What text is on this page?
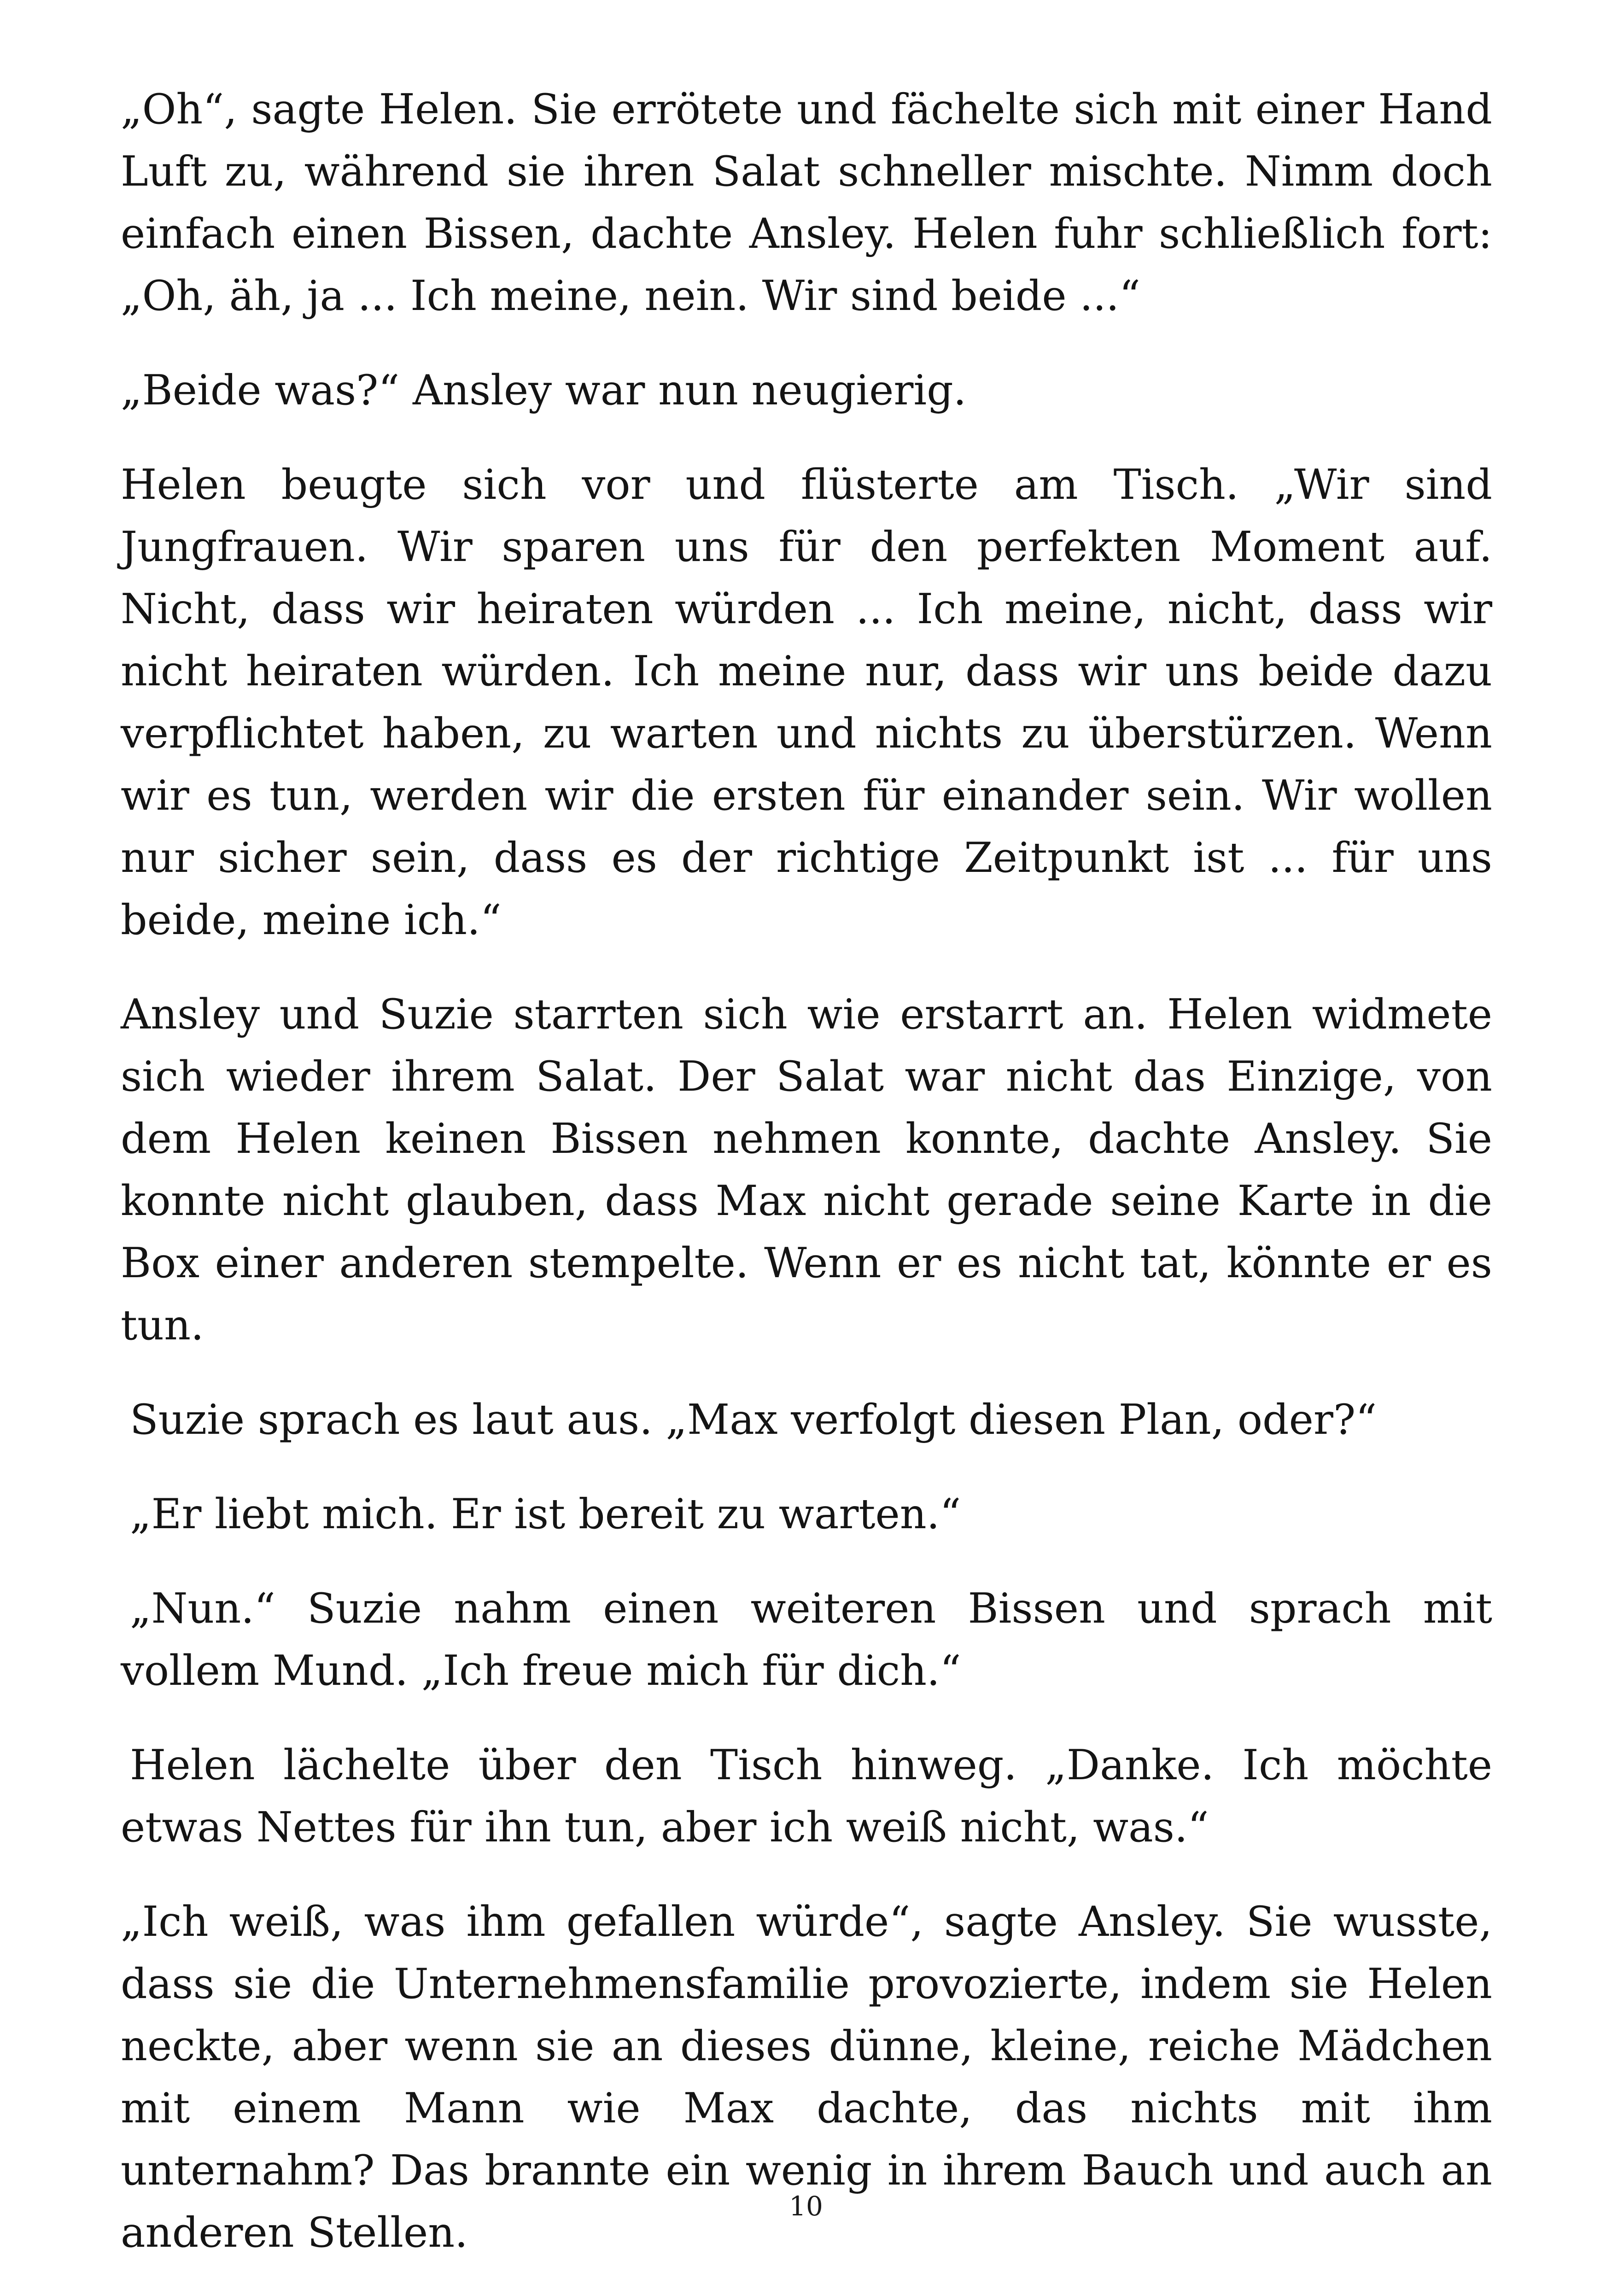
„Oh“, sagte Helen. Sie errötete und fächelte sich mit einer Hand Luft zu, während sie ihren Salat schneller mischte. Nimm doch einfach einen Bissen, dachte Ansley. Helen fuhr schließlich fort: „Oh, äh, ja ... Ich meine, nein. Wir sind beide ...“

„Beide was?“ Ansley war nun neugierig.

Helen beugte sich vor und flüsterte am Tisch. „Wir sind Jungfrauen. Wir sparen uns für den perfekten Moment auf. Nicht, dass wir heiraten würden ... Ich meine, nicht, dass wir nicht heiraten würden. Ich meine nur, dass wir uns beide dazu verpflichtet haben, zu warten und nichts zu überstürzen. Wenn wir es tun, werden wir die ersten für einander sein. Wir wollen nur sicher sein, dass es der richtige Zeitpunkt ist ... für uns beide, meine ich.“

Ansley und Suzie starrten sich wie erstarrt an. Helen widmete sich wieder ihrem Salat. Der Salat war nicht das Einzige, von dem Helen keinen Bissen nehmen konnte, dachte Ansley. Sie konnte nicht glauben, dass Max nicht gerade seine Karte in die Box einer anderen stempelte. Wenn er es nicht tat, könnte er es tun.

Suzie sprach es laut aus. „Max verfolgt diesen Plan, oder?“

„Er liebt mich. Er ist bereit zu warten.“

„Nun.“ Suzie nahm einen weiteren Bissen und sprach mit vollem Mund. „Ich freue mich für dich.“

Helen lächelte über den Tisch hinweg. „Danke. Ich möchte etwas Nettes für ihn tun, aber ich weiß nicht, was.“

„Ich weiß, was ihm gefallen würde“, sagte Ansley. Sie wusste, dass sie die Unternehmensfamilie provozierte, indem sie Helen neckte, aber wenn sie an dieses dünne, kleine, reiche Mädchen mit einem Mann wie Max dachte, das nichts mit ihm unternahm? Das brannte ein wenig in ihrem Bauch und auch an anderen Stellen.

10
